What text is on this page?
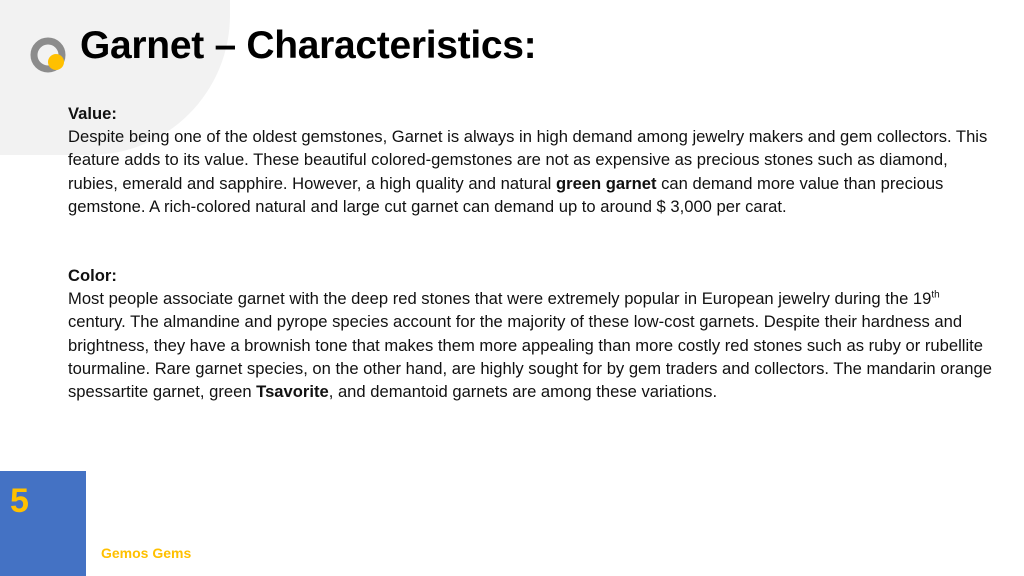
Garnet – Characteristics:

Value:
Despite being one of the oldest gemstones, Garnet is always in high demand among jewelry makers and gem collectors. This feature adds to its value. These beautiful colored-gemstones are not as expensive as precious stones such as diamond, rubies, emerald and sapphire. However, a high quality and natural green garnet can demand more value than precious gemstone. A rich-colored natural and large cut garnet can demand up to around $ 3,000 per carat.

Color:
Most people associate garnet with the deep red stones that were extremely popular in European jewelry during the 19th century. The almandine and pyrope species account for the majority of these low-cost garnets. Despite their hardness and brightness, they have a brownish tone that makes them more appealing than more costly red stones such as ruby or rubellite tourmaline. Rare garnet species, on the other hand, are highly sought for by gem traders and collectors. The mandarin orange spessartite garnet, green Tsavorite, and demantoid garnets are among these variations.

5
Gemos Gems
